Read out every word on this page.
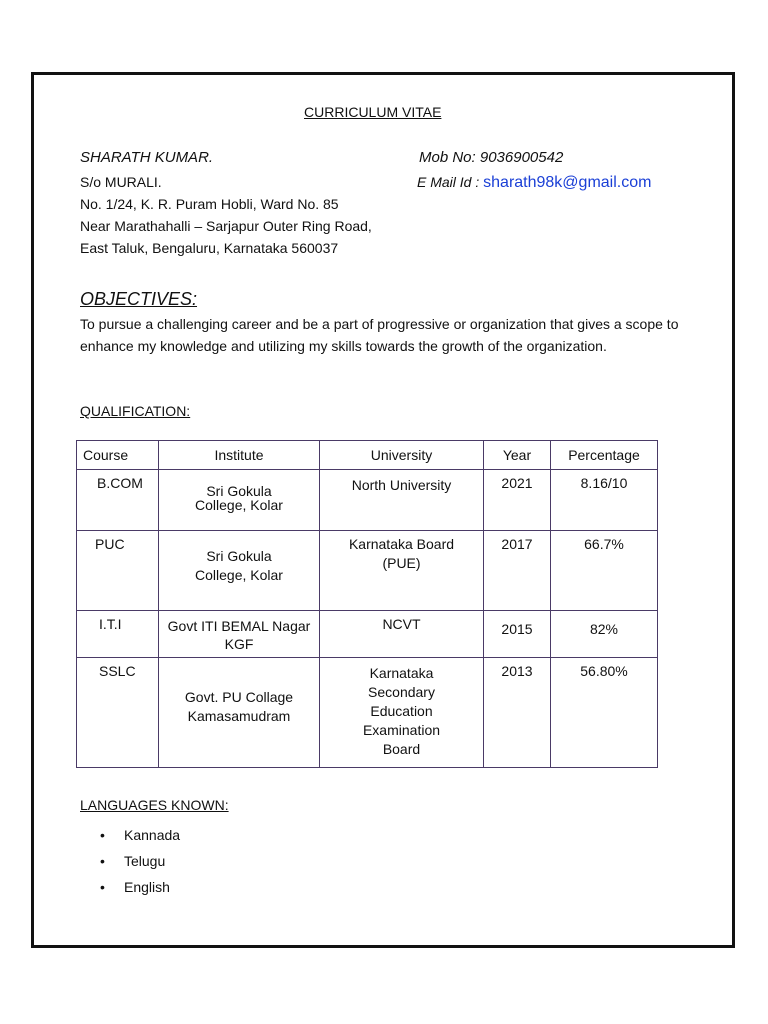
CURRICULUM VITAE
SHARATH KUMAR.	Mob No: 9036900542
S/o MURALI.	E Mail Id : sharath98k@gmail.com
No. 1/24, K. R. Puram Hobli, Ward No. 85
Near Marathahalli – Sarjapur Outer Ring Road,
East Taluk, Bengaluru, Karnataka 560037
OBJECTIVES:
To pursue a challenging career and be a part of progressive or organization that gives a scope to enhance my knowledge and utilizing my skills towards the growth of the organization.
QUALIFICATION:
Course	Institute	University	Year	Percentage

B.COM	Sri Gokula College, Kolar	North University	2021	8.16/10

PUC	Sri Gokula College, Kolar	Karnataka Board (PUE)	2017	66.7%

I.T.I	Govt ITI BEMAL Nagar KGF	NCVT	2015	82%

SSLC	Govt. PU Collage Kamasamudram	Karnataka Secondary Education Examination Board	2013	56.80%
LANGUAGES KNOWN:
• Kannada
• Telugu
• English
